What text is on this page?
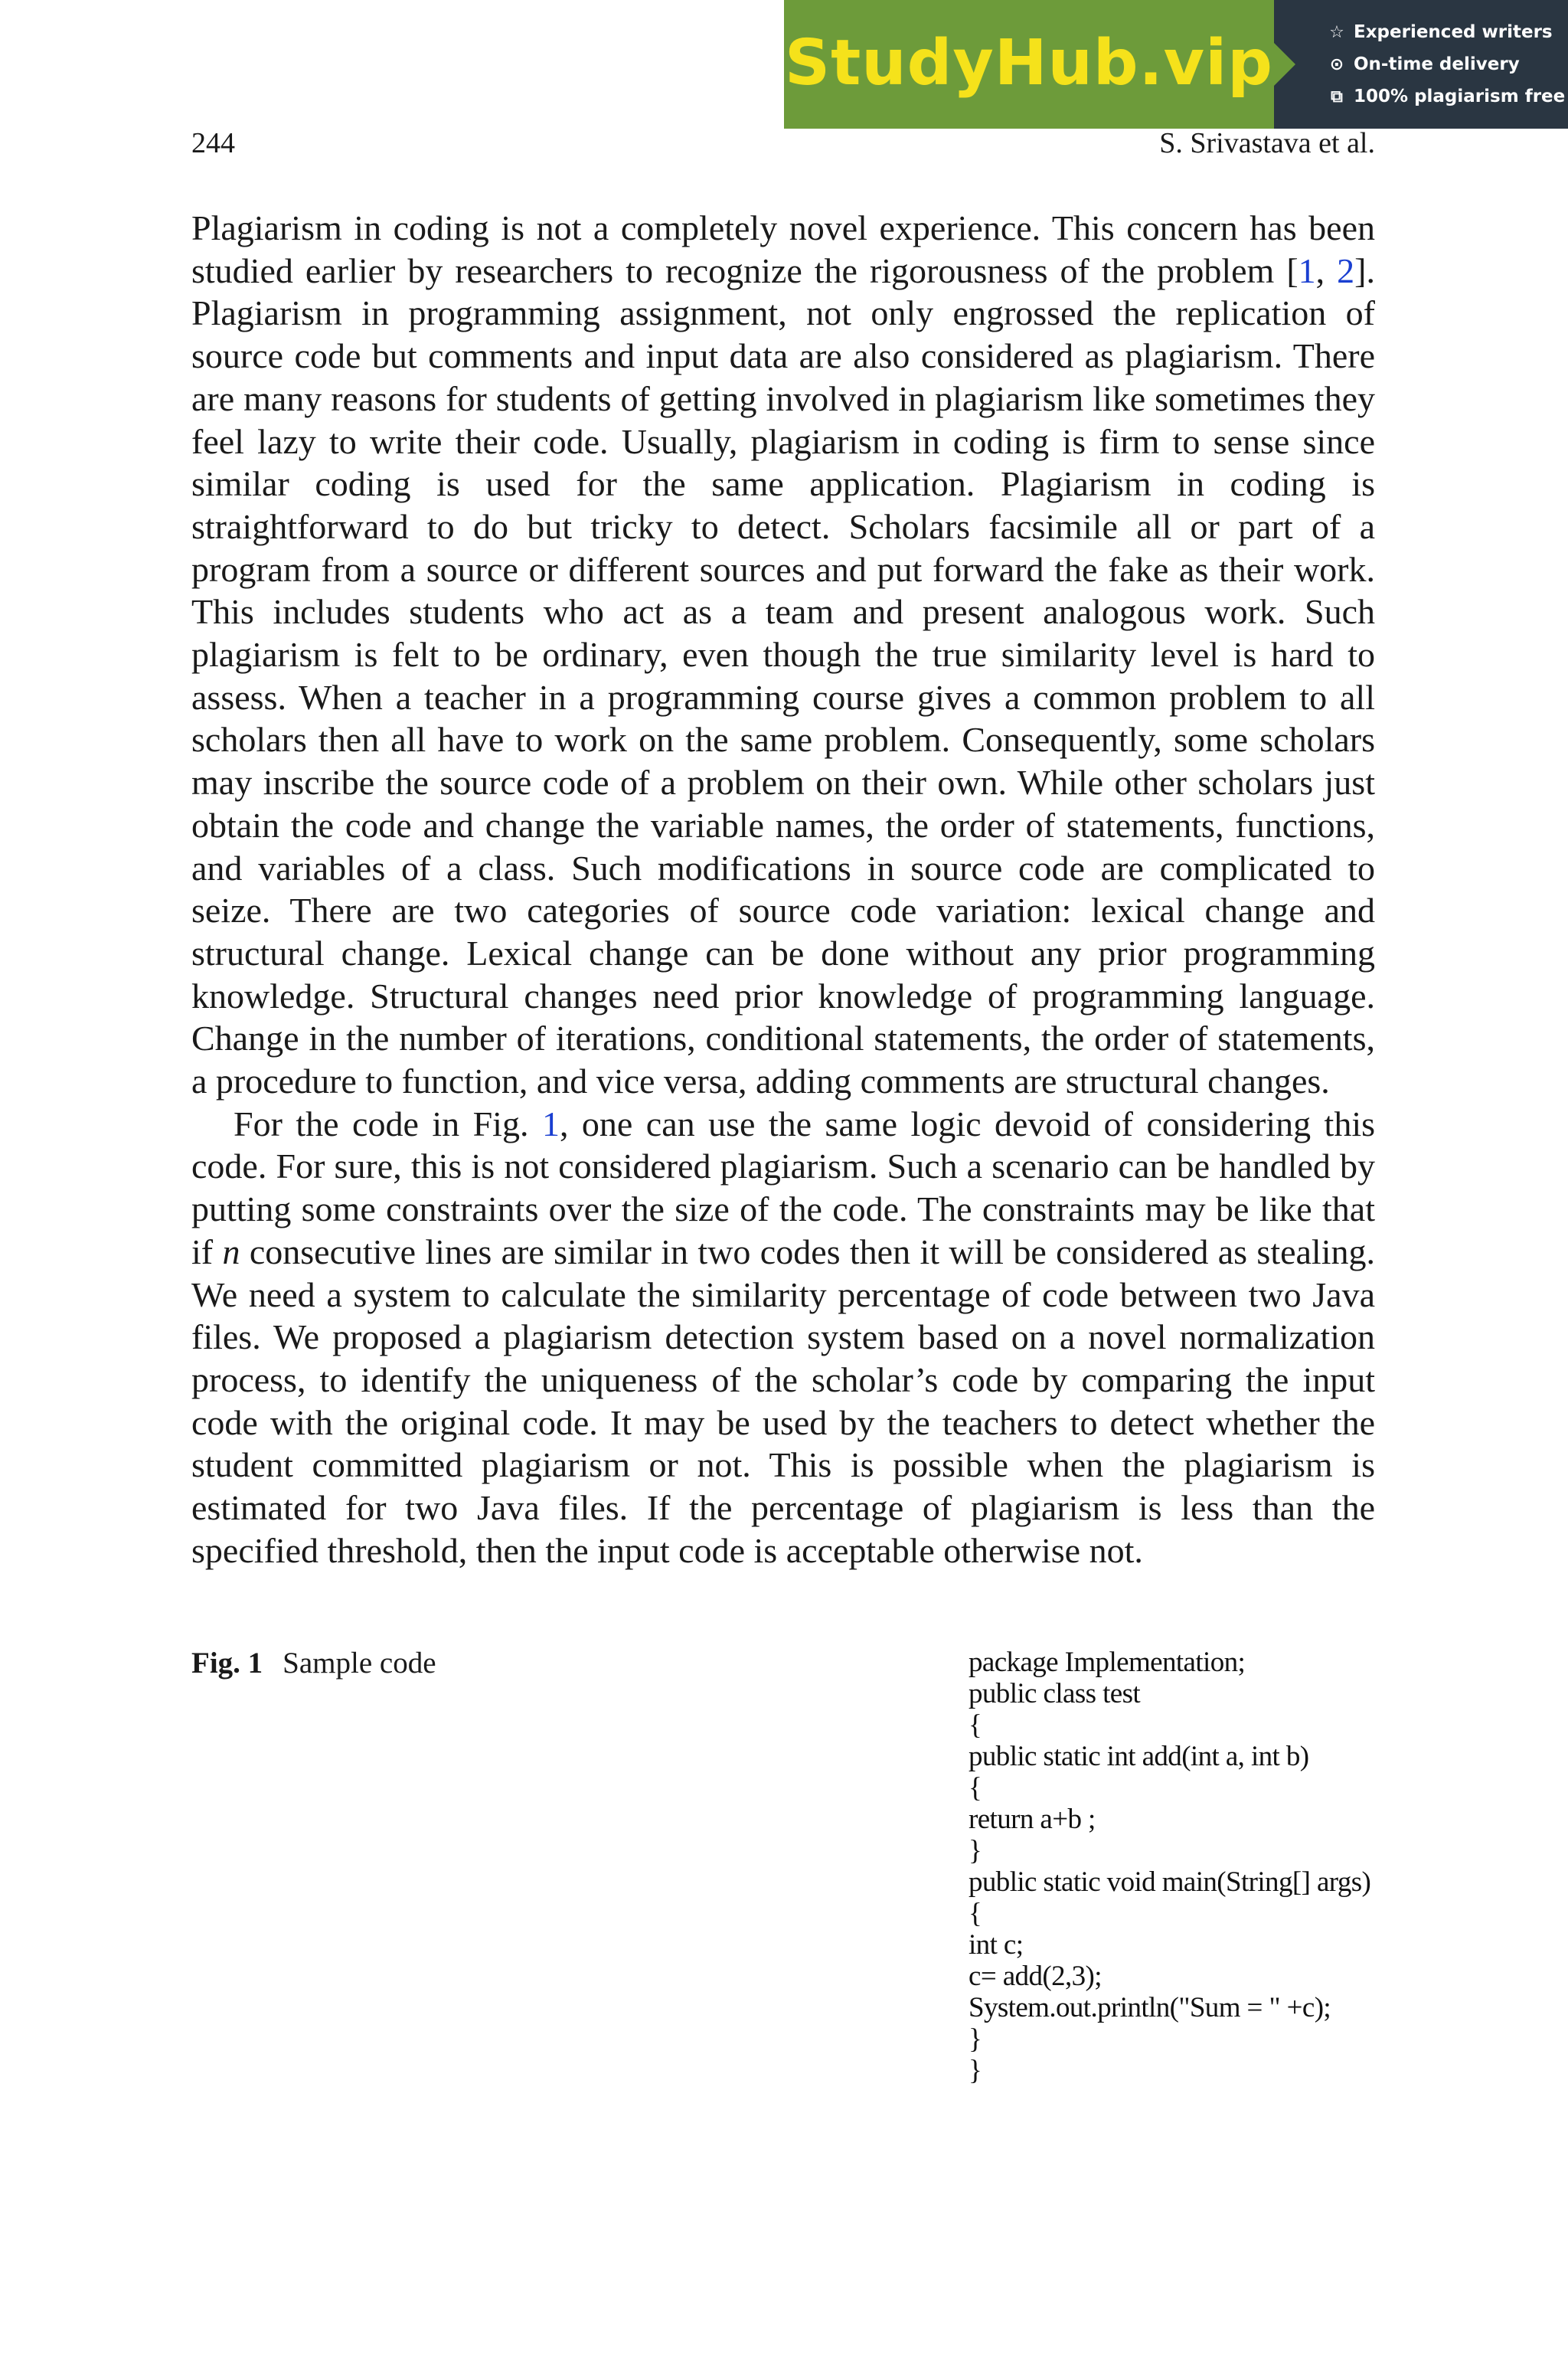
StudyHub.vip	☆ Experienced writers
⊙ On-time delivery
⧉ 100% plagiarism free
244	S. Srivastava et al.

Plagiarism in coding is not a completely novel experience. This concern has been studied earlier by researchers to recognize the rigorousness of the problem [1, 2]. Plagiarism in programming assignment, not only engrossed the replication of source code but comments and input data are also considered as plagiarism. There are many reasons for students of getting involved in plagiarism like sometimes they feel lazy to write their code. Usually, plagiarism in coding is firm to sense since similar coding is used for the same application. Plagiarism in coding is straightforward to do but tricky to detect. Scholars facsimile all or part of a program from a source or different sources and put forward the fake as their work. This includes students who act as a team and present analogous work. Such plagiarism is felt to be ordinary, even though the true similarity level is hard to assess. When a teacher in a programming course gives a common problem to all scholars then all have to work on the same problem. Consequently, some scholars may inscribe the source code of a problem on their own. While other scholars just obtain the code and change the variable names, the order of statements, functions, and variables of a class. Such modifications in source code are complicated to seize. There are two categories of source code variation: lexical change and structural change. Lexical change can be done without any prior programming knowledge. Structural changes need prior knowledge of programming language. Change in the number of iterations, conditional statements, the order of statements, a procedure to function, and vice versa, adding comments are structural changes.

For the code in Fig. 1, one can use the same logic devoid of considering this code. For sure, this is not considered plagiarism. Such a scenario can be handled by putting some constraints over the size of the code. The constraints may be like that if n consecutive lines are similar in two codes then it will be considered as stealing. We need a system to calculate the similarity percentage of code between two Java files. We proposed a plagiarism detection system based on a novel normalization process, to identify the uniqueness of the scholar’s code by comparing the input code with the original code. It may be used by the teachers to detect whether the student committed plagiarism or not. This is possible when the plagiarism is estimated for two Java files. If the percentage of plagiarism is less than the specified threshold, then the input code is acceptable otherwise not.

Fig. 1 Sample code	package Implementation;
public class test
{
public static int add(int a, int b)
{
return a+b ;
}
public static void main(String[] args)
{
int c;
c= add(2,3);
System.out.println("Sum = " +c);
}
}
